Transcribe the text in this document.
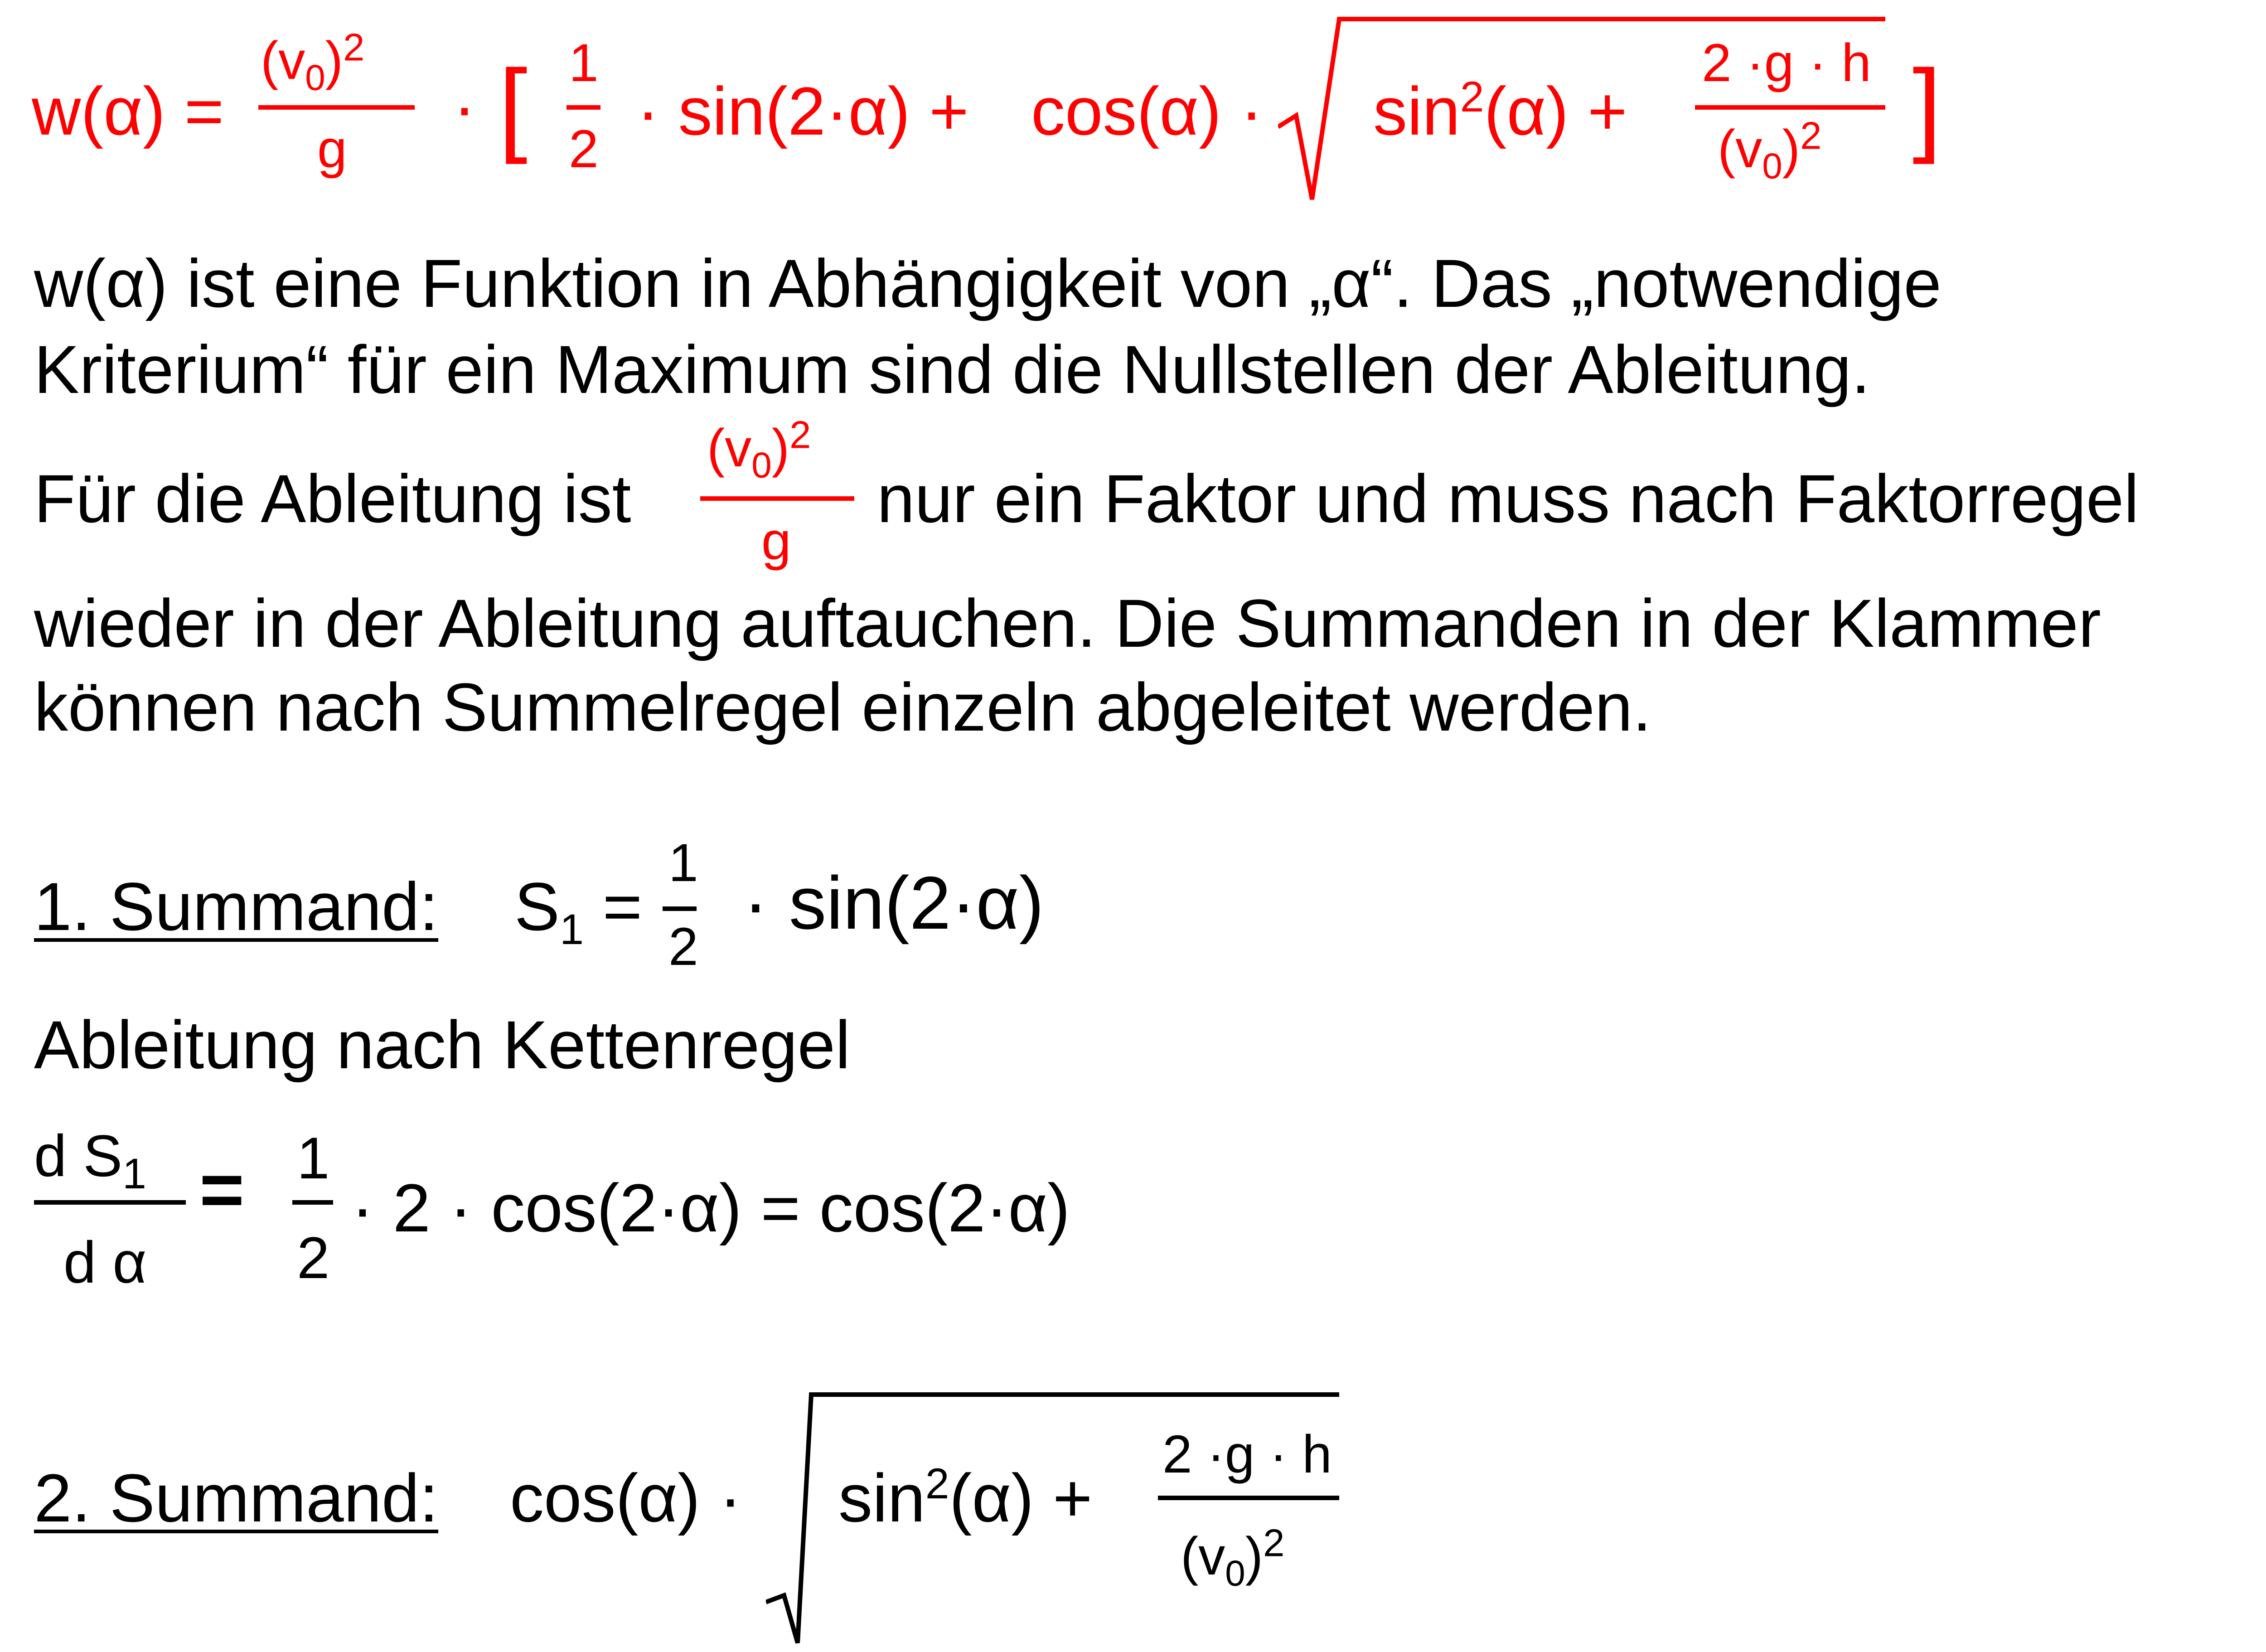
w(α) =
$(v_0)^2$
g
· [ 1
$2 \cdot \sin(2\cdot\alpha) + \cos(\alpha) \cdot \sin^2(\alpha)$ +
2 ·g · h
$(v_0)^2$ ]
w(α) ist eine Funktion in Abhängigkeit von „α“. Das „notwendige
Kriterium“ für ein Maximum sind die Nullstellen der Ableitung.
Für die Ableitung ist
$(v_0)^2$
g
nur ein Faktor und muss nach Faktorregel
wieder in der Ableitung auftauchen. Die Summanden in der Klammer
können nach Summelregel einzeln abgeleitet werden.
1. Summand: $S_1$ =
1
2
· sin(2·α)
Ableitung nach Kettenregel
d $S_1$
d α
= 1
2
· 2 · cos(2·α) = cos(2·α)
2. Summand: $\cos(\alpha) \cdot \sin^2(\alpha)$ +
2 ·g · h
$(v_0)^2$
